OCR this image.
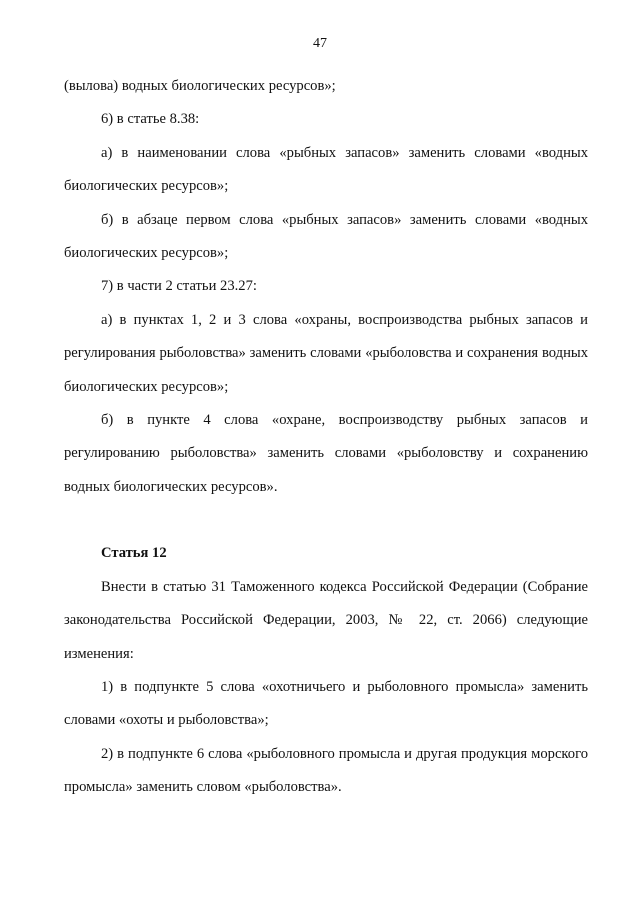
47

(вылова) водных биологических ресурсов»;

6) в статье 8.38:

а) в наименовании слова «рыбных запасов» заменить словами «водных биологических ресурсов»;

б) в абзаце первом слова «рыбных запасов» заменить словами «водных биологических ресурсов»;

7) в части 2 статьи 23.27:

а) в пунктах 1, 2 и 3 слова «охраны, воспроизводства рыбных запасов и регулирования рыболовства» заменить словами «рыболовства и сохранения водных биологических ресурсов»;

б) в пункте 4 слова «охране, воспроизводству рыбных запасов и регулированию рыболовства» заменить словами «рыболовству и сохранению водных биологических ресурсов».

Статья 12

Внести в статью 31 Таможенного кодекса Российской Федерации (Собрание законодательства Российской Федерации, 2003, № 22, ст. 2066) следующие изменения:

1) в подпункте 5 слова «охотничьего и рыболовного промысла» заменить словами «охоты и рыболовства»;

2) в подпункте 6 слова «рыболовного промысла и другая продукция морского промысла» заменить словом «рыболовства».
